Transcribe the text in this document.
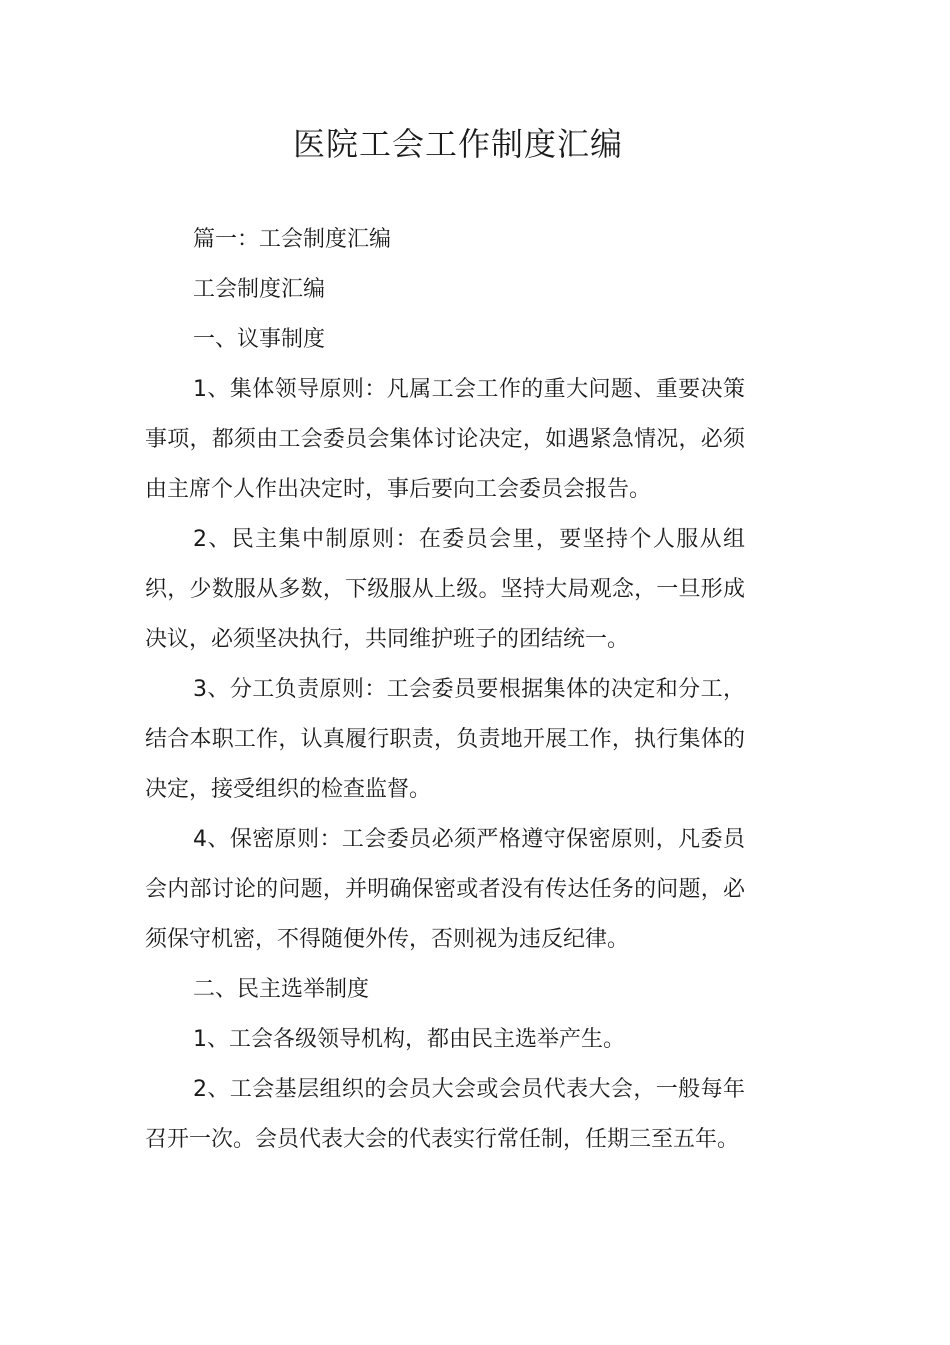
医院工会工作制度汇编

篇一：工会制度汇编

工会制度汇编

一、议事制度

1、集体领导原则：凡属工会工作的重大问题、重要决策事项，都须由工会委员会集体讨论决定，如遇紧急情况，必须由主席个人作出决定时，事后要向工会委员会报告。

2、民主集中制原则：在委员会里，要坚持个人服从组织，少数服从多数，下级服从上级。坚持大局观念，一旦形成决议，必须坚决执行，共同维护班子的团结统一。

3、分工负责原则：工会委员要根据集体的决定和分工，结合本职工作，认真履行职责，负责地开展工作，执行集体的决定，接受组织的检查监督。

4、保密原则：工会委员必须严格遵守保密原则，凡委员会内部讨论的问题，并明确保密或者没有传达任务的问题，必须保守机密，不得随便外传，否则视为违反纪律。

二、民主选举制度

1、工会各级领导机构，都由民主选举产生。

2、工会基层组织的会员大会或会员代表大会，一般每年召开一次。会员代表大会的代表实行常任制，任期三至五年。
